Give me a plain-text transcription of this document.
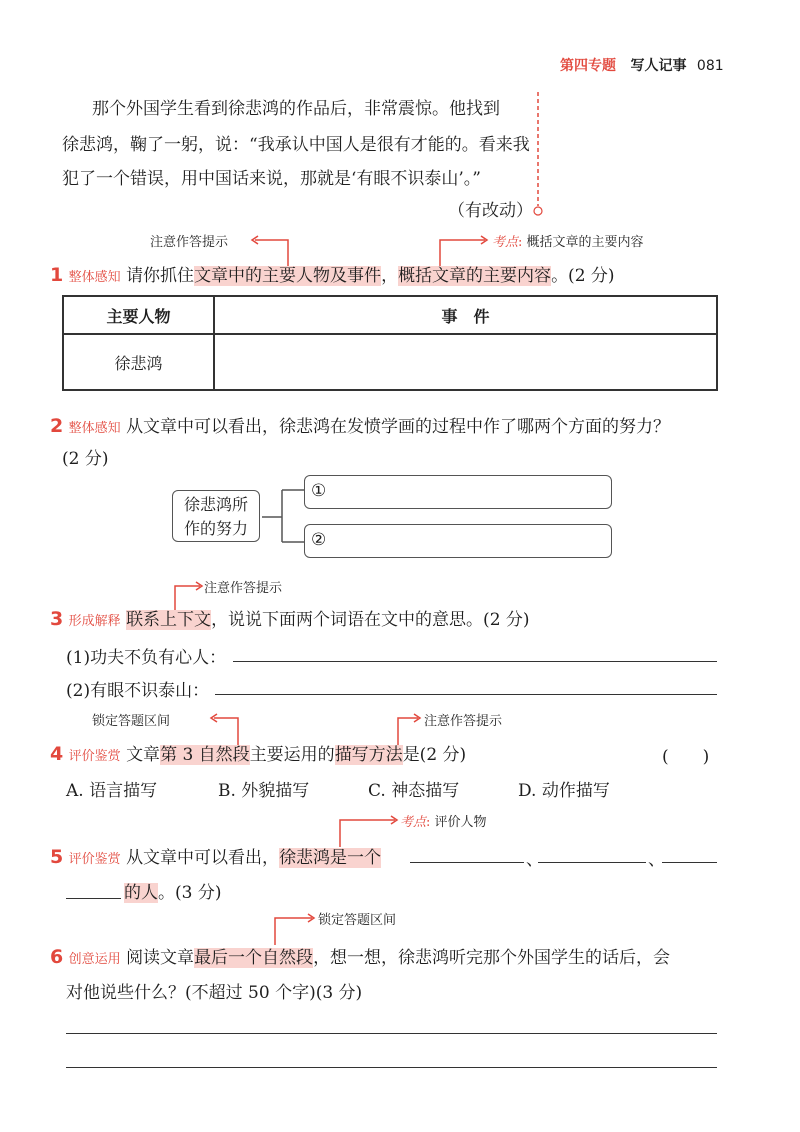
第四专题 写人记事 081
那个外国学生看到徐悲鸿的作品后，非常震惊。他找到
徐悲鸿，鞠了一躬，说：“我承认中国人是很有才能的。看来我
犯了一个错误，用中国话来说，那就是‘有眼不识泰山’。”
（有改动）
注意作答提示	考点: 概括文章的主要内容
1 整体感知 请你抓住文章中的主要人物及事件，概括文章的主要内容。(2 分)
主要人物	事　件
徐悲鸿	
2 整体感知 从文章中可以看出，徐悲鸿在发愤学画的过程中作了哪两个方面的努力？
(2 分)
徐悲鸿所
作的努力
①
②
注意作答提示
3 形成解释 联系上下文，说说下面两个词语在文中的意思。(2 分)
(1)功夫不负有心人：
(2)有眼不识泰山：
锁定答题区间	注意作答提示
4 评价鉴赏 文章第 3 自然段主要运用的描写方法是(2 分)	(　　)
A. 语言描写	B. 外貌描写	C. 神态描写	D. 动作描写
考点: 评价人物
5 评价鉴赏 从文章中可以看出，徐悲鸿是一个	、	、
的人。(3 分)
锁定答题区间
6 创意运用 阅读文章最后一个自然段，想一想，徐悲鸿听完那个外国学生的话后，会
对他说些什么？(不超过 50 个字)(3 分)
